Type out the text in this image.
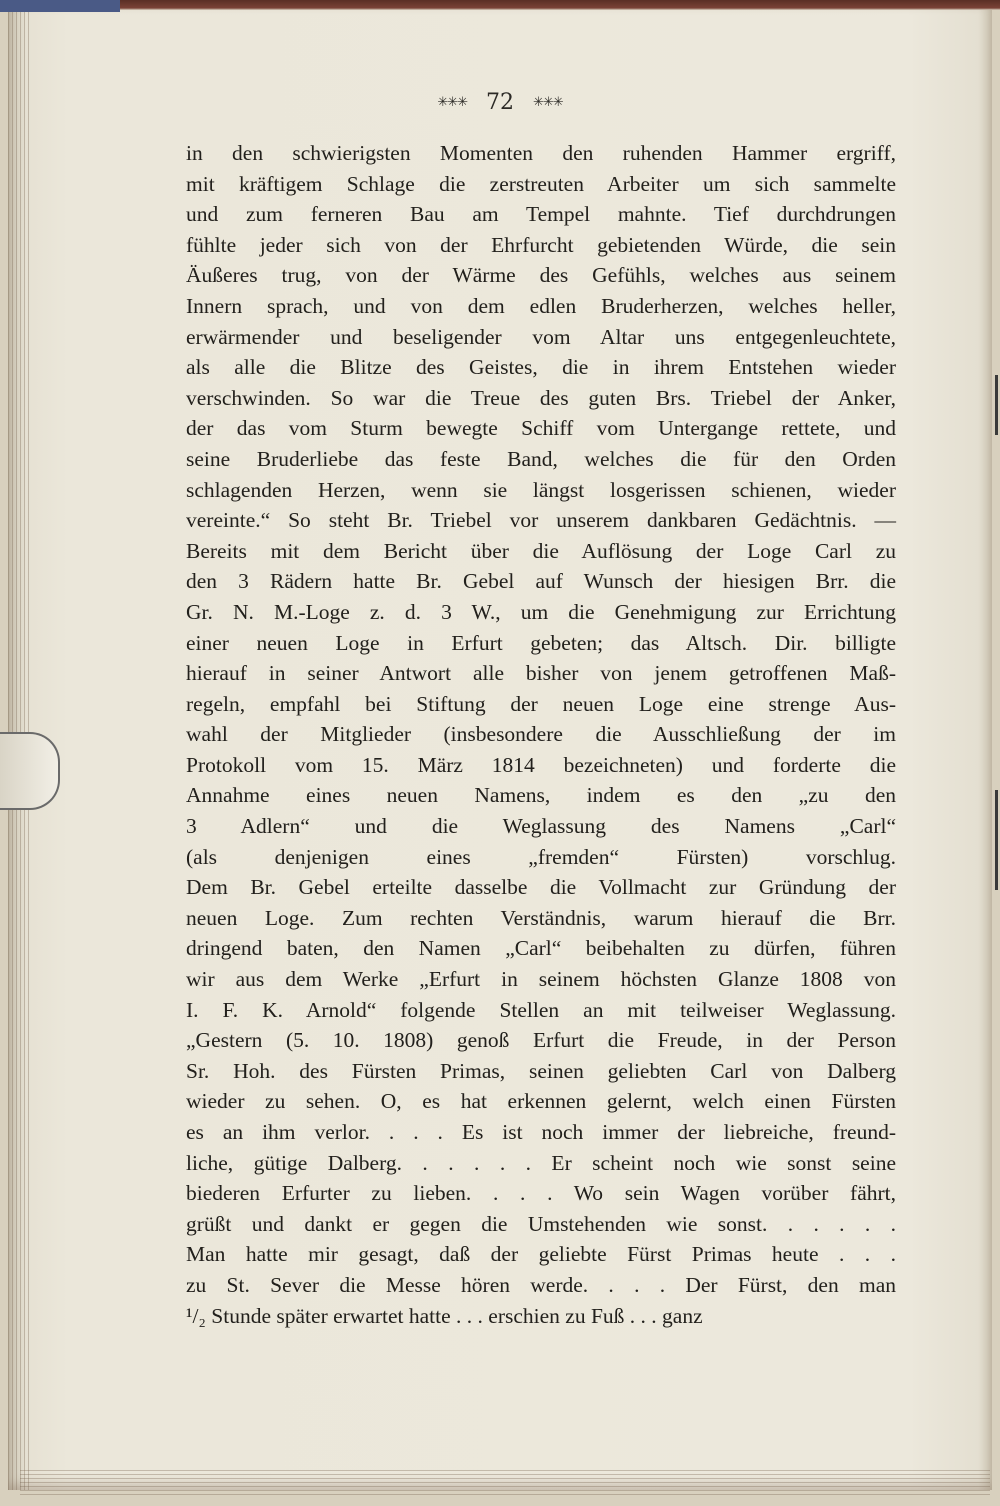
✳✳✳ 72 ✳✳✳
in den schwierigsten Momenten den ruhenden Hammer ergriff,
mit kräftigem Schlage die zerstreuten Arbeiter um sich sammelte
und zum ferneren Bau am Tempel mahnte. Tief durchdrungen
fühlte jeder sich von der Ehrfurcht gebietenden Würde, die sein
Äußeres trug, von der Wärme des Gefühls, welches aus seinem
Innern sprach, und von dem edlen Bruderherzen, welches heller,
erwärmender und beseligender vom Altar uns entgegenleuchtete,
als alle die Blitze des Geistes, die in ihrem Entstehen wieder
verschwinden. So war die Treue des guten Brs. Triebel der Anker,
der das vom Sturm bewegte Schiff vom Untergange rettete, und
seine Bruderliebe das feste Band, welches die für den Orden
schlagenden Herzen, wenn sie längst losgerissen schienen, wieder
vereinte.“ So steht Br. Triebel vor unserem dankbaren Gedächtnis. —
Bereits mit dem Bericht über die Auflösung der Loge Carl zu
den 3 Rädern hatte Br. Gebel auf Wunsch der hiesigen Brr. die
Gr. N. M.-Loge z. d. 3 W., um die Genehmigung zur Errichtung
einer neuen Loge in Erfurt gebeten; das Altsch. Dir. billigte
hierauf in seiner Antwort alle bisher von jenem getroffenen Maß-
regeln, empfahl bei Stiftung der neuen Loge eine strenge Aus-
wahl der Mitglieder (insbesondere die Ausschließung der im
Protokoll vom 15. März 1814 bezeichneten) und forderte die
Annahme eines neuen Namens, indem es den „zu den
3 Adlern“ und die Weglassung des Namens „Carl“
(als denjenigen eines „fremden“ Fürsten) vorschlug.
Dem Br. Gebel erteilte dasselbe die Vollmacht zur Gründung der
neuen Loge. Zum rechten Verständnis, warum hierauf die Brr.
dringend baten, den Namen „Carl“ beibehalten zu dürfen, führen
wir aus dem Werke „Erfurt in seinem höchsten Glanze 1808 von
I. F. K. Arnold“ folgende Stellen an mit teilweiser Weglassung.
„Gestern (5. 10. 1808) genoß Erfurt die Freude, in der Person
Sr. Hoh. des Fürsten Primas, seinen geliebten Carl von Dalberg
wieder zu sehen. O, es hat erkennen gelernt, welch einen Fürsten
es an ihm verlor. . . . Es ist noch immer der liebreiche, freund-
liche, gütige Dalberg. . . . . . Er scheint noch wie sonst seine
biederen Erfurter zu lieben. . . . Wo sein Wagen vorüber fährt,
grüßt und dankt er gegen die Umstehenden wie sonst. . . . . .
Man hatte mir gesagt, daß der geliebte Fürst Primas heute . . .
zu St. Sever die Messe hören werde. . . . Der Fürst, den man
¹/₂ Stunde später erwartet hatte . . . erschien zu Fuß . . . ganz
